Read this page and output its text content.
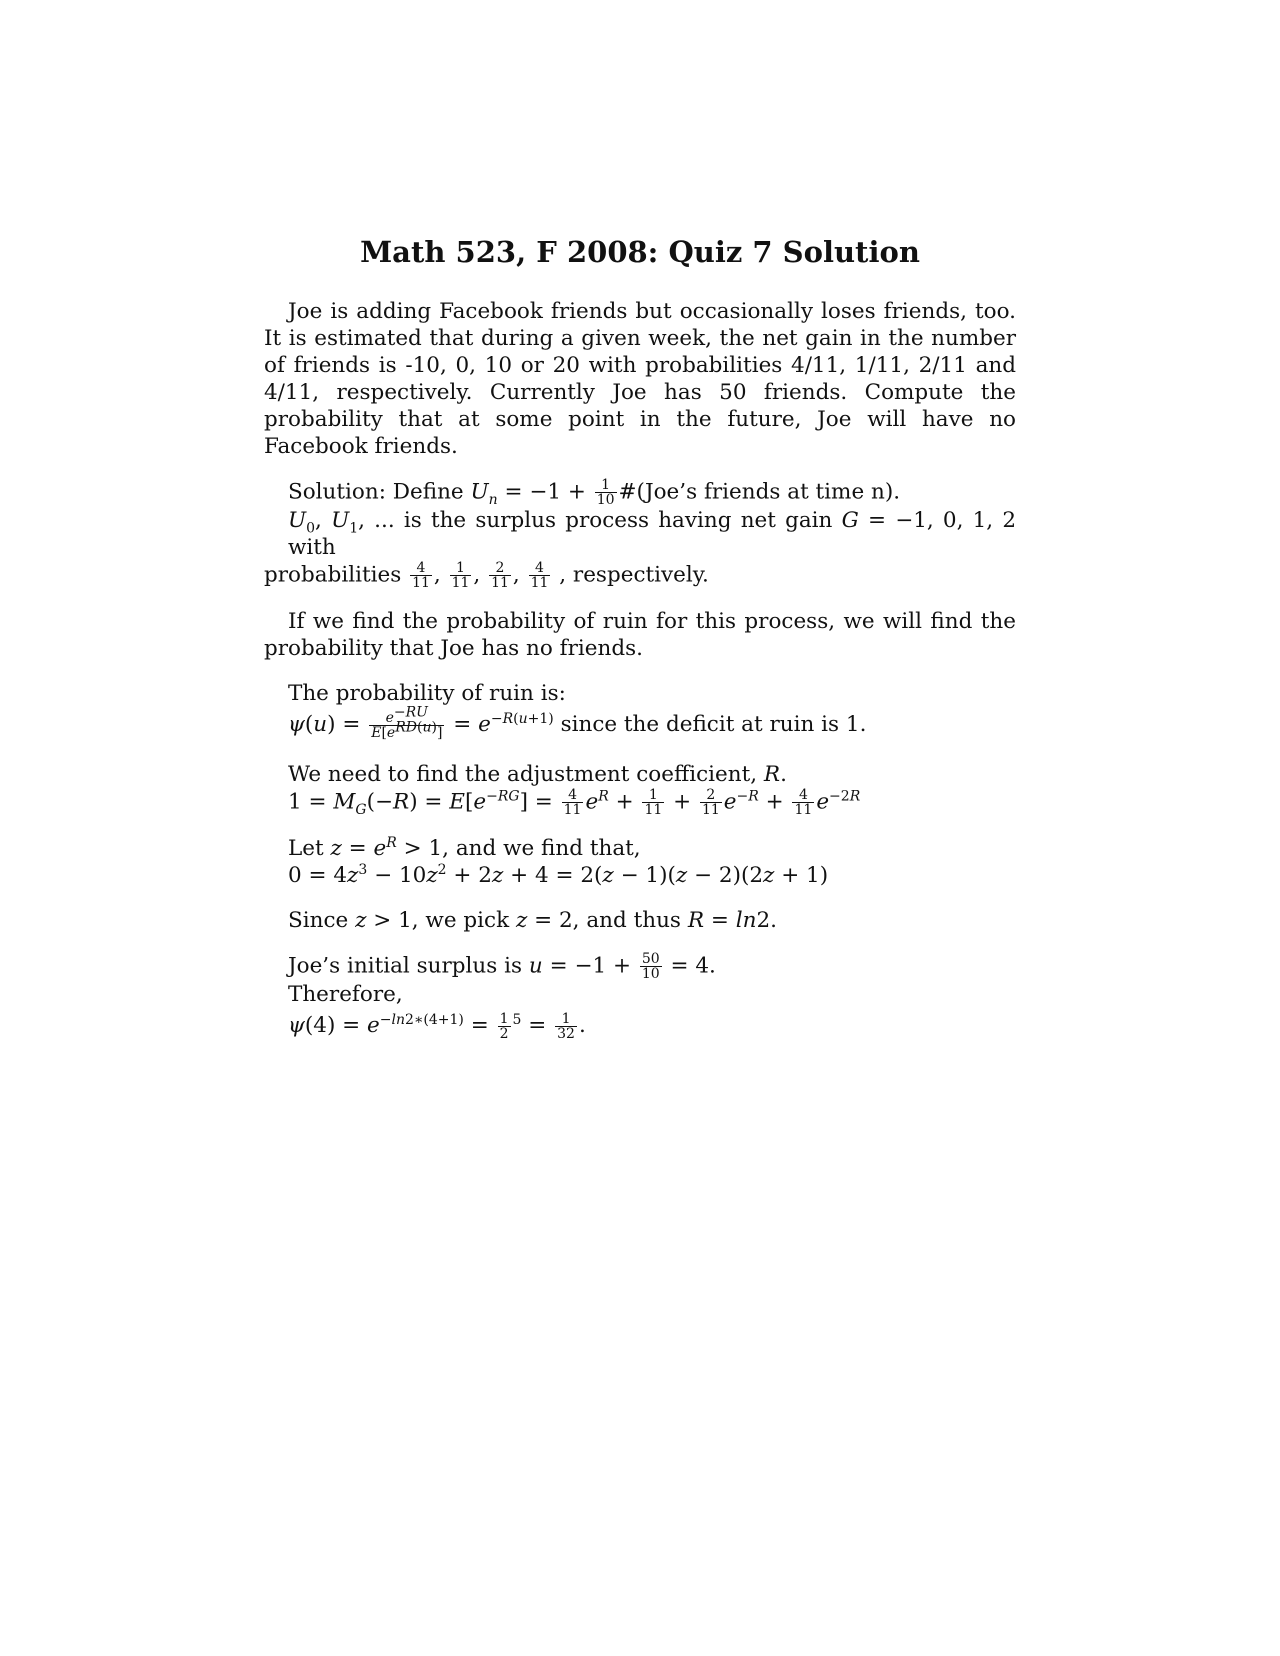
Math 523, F 2008: Quiz 7 Solution

Joe is adding Facebook friends but occasionally loses friends, too. It is estimated that during a given week, the net gain in the number of friends is -10, 0, 10 or 20 with probabilities 4/11, 1/11, 2/11 and 4/11, respectively. Currently Joe has 50 friends. Compute the probability that at some point in the future, Joe will have no Facebook friends.

Solution: Define $U_n = -1 + \frac{1}{10}$ #(Joe’s friends at time n).
$U_0$, $U_1$, ... is the surplus process having net gain G = −1, 0, 1, 2 with
probabilities $\frac{4}{11}$ , $\frac{1}{11}$ , $\frac{2}{11}$ , $\frac{4}{11}$ , respectively.

If we find the probability of ruin for this process, we will find the probability that Joe has no friends.

The probability of ruin is:
$\psi(u) = \frac{e^{-RU}}{E[e^{RD(u)}]} = e^{-R(u+1)}$ since the deficit at ruin is 1.

We need to find the adjustment coefficient, R.
$1 = M_G(-R) = E[e^{-RG}] = \frac{4}{11} e^R + \frac{1}{11} + \frac{2}{11} e^{-R} + \frac{4}{11} e^{-2R}$

Let $z = e^R > 1$, and we find that,
$0 = 4z^3 - 10z^2 + 2z + 4 = 2(z - 1)(z - 2)(2z + 1)$

Since z > 1, we pick z = 2, and thus R = ln2.

Joe’s initial surplus is $u = -1 + \frac{50}{10} = 4$.
Therefore,
$\psi(4) = e^{-ln2∗(4+1)} = \frac{1}{2} ^5 = \frac{1}{32}$ .
